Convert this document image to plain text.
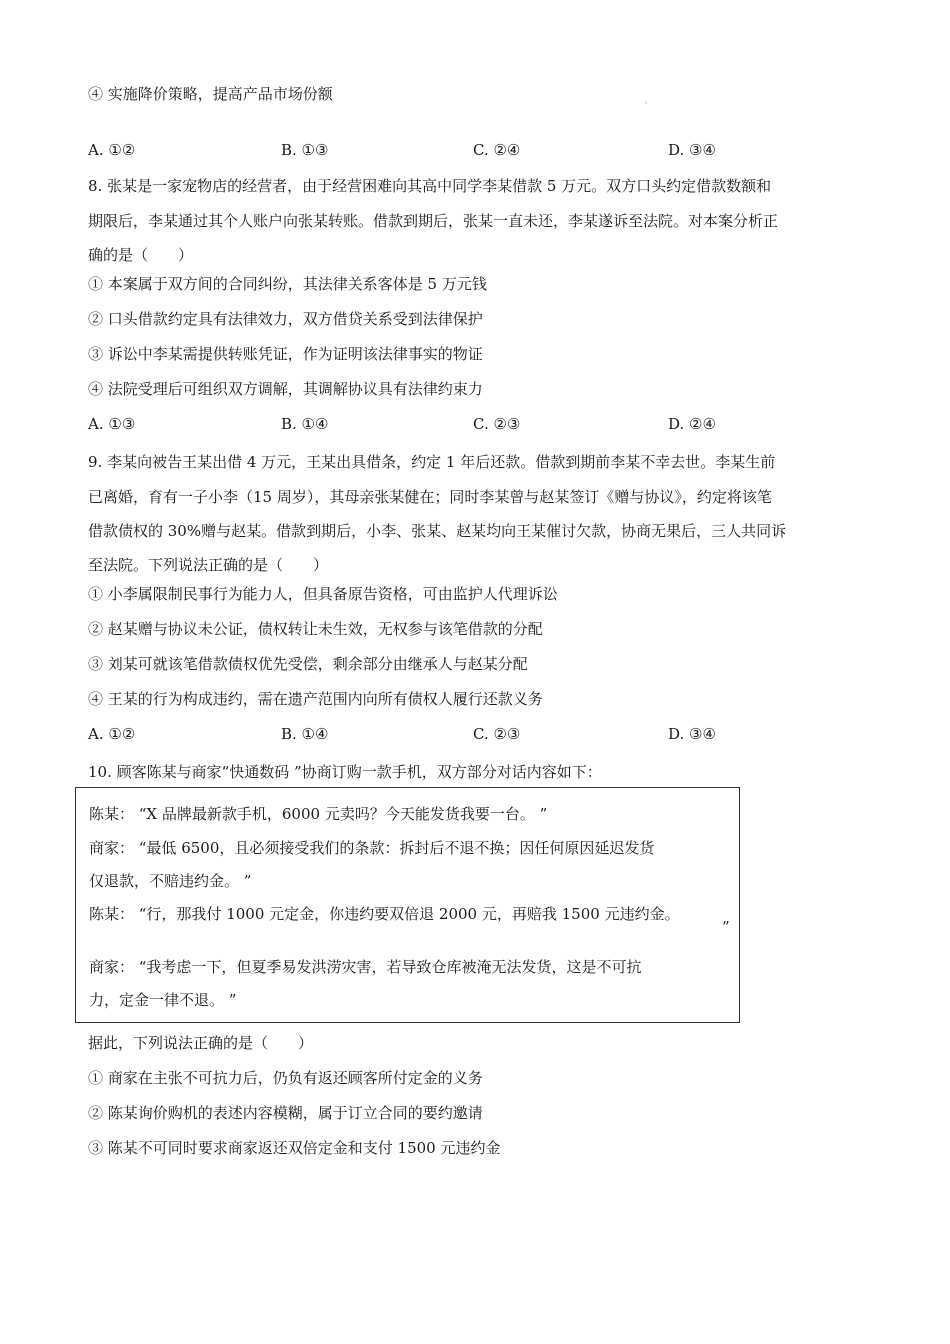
④ 实施降价策略，提高产品市场份额	。
A. ①②	B. ①③	C. ②④	D. ③④
8. 张某是一家宠物店的经营者，由于经营困难向其高中同学李某借款 5 万元。双方口头约定借款数额和
期限后，李某通过其个人账户向张某转账。借款到期后，张某一直未还，李某遂诉至法院。对本案分析正
确的是（　　）
① 本案属于双方间的合同纠纷，其法律关系客体是 5 万元钱
② 口头借款约定具有法律效力，双方借贷关系受到法律保护
③ 诉讼中李某需提供转账凭证，作为证明该法律事实的物证
④ 法院受理后可组织双方调解，其调解协议具有法律约束力
A. ①③	B. ①④	C. ②③	D. ②④
9. 李某向被告王某出借 4 万元，王某出具借条，约定 1 年后还款。借款到期前李某不幸去世。李某生前
已离婚，育有一子小李（15 周岁），其母亲张某健在；同时李某曾与赵某签订《赠与协议》，约定将该笔
借款债权的 30%赠与赵某。借款到期后，小李、张某、赵某均向王某催讨欠款，协商无果后，三人共同诉
至法院。下列说法正确的是（　　）
① 小李属限制民事行为能力人，但具备原告资格，可由监护人代理诉讼
② 赵某赠与协议未公证，债权转让未生效，无权参与该笔借款的分配
③ 刘某可就该笔借款债权优先受偿，剩余部分由继承人与赵某分配
④ 王某的行为构成违约，需在遗产范围内向所有债权人履行还款义务
A. ①②	B. ①④	C. ②③	D. ③④
10. 顾客陈某与商家“快通数码 ”协商订购一款手机，双方部分对话内容如下：
陈某： “X 品牌最新款手机，6000 元卖吗？今天能发货我要一台。 ”
商家： “最低 6500，且必须接受我们的条款：拆封后不退不换；因任何原因延迟发货
仅退款，不赔违约金。 ”
陈某： “行，那我付 1000 元定金，你违约要双倍退 2000 元，再赔我 1500 元违约金。
”
商家： “我考虑一下，但夏季易发洪涝灾害，若导致仓库被淹无法发货，这是不可抗
力，定金一律不退。 ”
据此，下列说法正确的是（　　）
① 商家在主张不可抗力后，仍负有返还顾客所付定金的义务
② 陈某询价购机的表述内容模糊，属于订立合同的要约邀请
③ 陈某不可同时要求商家返还双倍定金和支付 1500 元违约金
